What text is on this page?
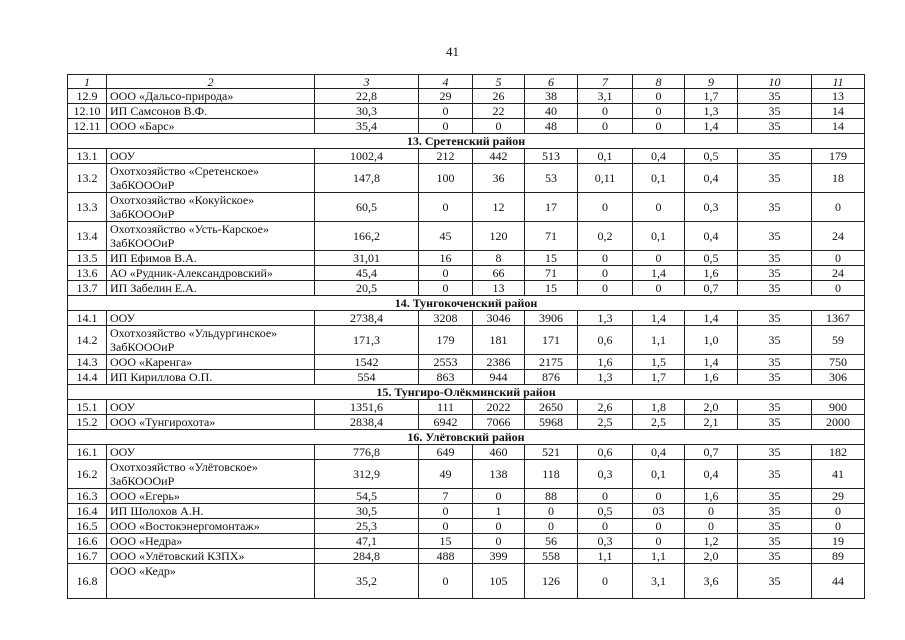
41
1	2	3	4	5	6	7	8	9	10	11
12.9	ООО «Дальсо-природа»	22,8	29	26	38	3,1	0	1,7	35	13
12.10	ИП Самсонов В.Ф.	30,3	0	22	40	0	0	1,3	35	14
12.11	ООО «Барс»	35,4	0	0	48	0	0	1,4	35	14
13. Сретенский район										
13.1	ООУ	1002,4	212	442	513	0,1	0,4	0,5	35	179
13.2	Охотхозяйство «Сретенское» ЗабКОООиР	147,8	100	36	53	0,11	0,1	0,4	35	18
13.3	Охотхозяйство «Кокуйское» ЗабКОООиР	60,5	0	12	17	0	0	0,3	35	0
13.4	Охотхозяйство «Усть-Карское» ЗабКОООиР	166,2	45	120	71	0,2	0,1	0,4	35	24
13.5	ИП Ефимов В.А.	31,01	16	8	15	0	0	0,5	35	0
13.6	АО «Рудник-Александровский»	45,4	0	66	71	0	1,4	1,6	35	24
13.7	ИП Забелин Е.А.	20,5	0	13	15	0	0	0,7	35	0
14. Тунгокоченский район										
14.1	ООУ	2738,4	3208	3046	3906	1,3	1,4	1,4	35	1367
14.2	Охотхозяйство «Ульдургинское» ЗабКОООиР	171,3	179	181	171	0,6	1,1	1,0	35	59
14.3	ООО «Каренга»	1542	2553	2386	2175	1,6	1,5	1,4	35	750
14.4	ИП Кириллова О.П.	554	863	944	876	1,3	1,7	1,6	35	306
15. Тунгиро-Олёкминский район										
15.1	ООУ	1351,6	111	2022	2650	2,6	1,8	2,0	35	900
15.2	ООО «Тунгирохота»	2838,4	6942	7066	5968	2,5	2,5	2,1	35	2000
16. Улётовский район										
16.1	ООУ	776,8	649	460	521	0,6	0,4	0,7	35	182
16.2	Охотхозяйство «Улётовское» ЗабКОООиР	312,9	49	138	118	0,3	0,1	0,4	35	41
16.3	ООО «Егерь»	54,5	7	0	88	0	0	1,6	35	29
16.4	ИП Шолохов А.Н.	30,5	0	1	0	0,5	03	0	35	0
16.5	ООО «Востокэнергомонтаж»	25,3	0	0	0	0	0	0	35	0
16.6	ООО «Недра»	47,1	15	0	56	0,3	0	1,2	35	19
16.7	ООО «Улётовский КЗПХ»	284,8	488	399	558	1,1	1,1	2,0	35	89
16.8	ООО «Кедр»	35,2	0	105	126	0	3,1	3,6	35	44
